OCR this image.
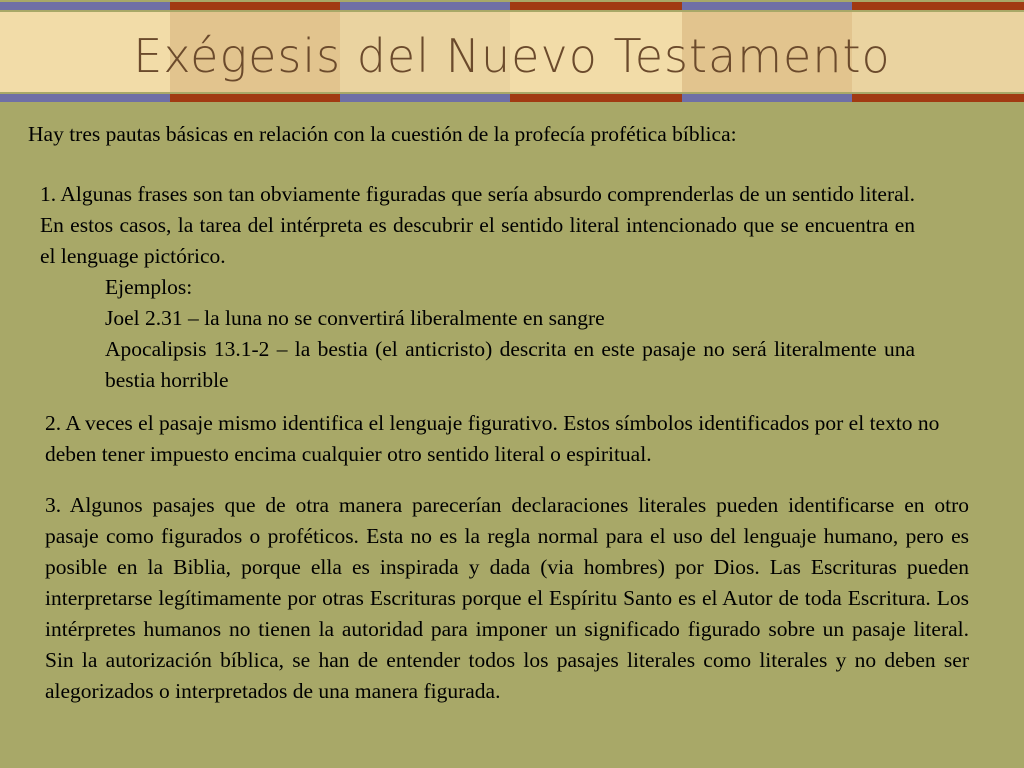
Exégesis del Nuevo Testamento

Hay tres pautas básicas en relación con la cuestión de la profecía profética bíblica:

1. Algunas frases son tan obviamente figuradas que sería absurdo comprenderlas de un sentido literal. En estos casos, la tarea del intérpreta es descubrir el sentido literal intencionado que se encuentra en el lenguage pictórico.

Ejemplos:
Joel 2.31 – la luna no se convertirá liberalmente en sangre
Apocalipsis 13.1-2 – la bestia (el anticristo) descrita en este pasaje no será literalmente una bestia horrible

2. A veces el pasaje mismo identifica el lenguaje figurativo. Estos símbolos identificados por el texto no deben tener impuesto encima cualquier otro sentido literal o espiritual.

3. Algunos pasajes que de otra manera parecerían declaraciones literales pueden identificarse en otro pasaje como figurados o proféticos. Esta no es la regla normal para el uso del lenguaje humano, pero es posible en la Biblia, porque ella es inspirada y dada (via hombres) por Dios. Las Escrituras pueden interpretarse legítimamente por otras Escrituras porque el Espíritu Santo es el Autor de toda Escritura. Los intérpretes humanos no tienen la autoridad para imponer un significado figurado sobre un pasaje literal. Sin la autorización bíblica, se han de entender todos los pasajes literales como literales y no deben ser alegorizados o interpretados de una manera figurada.
